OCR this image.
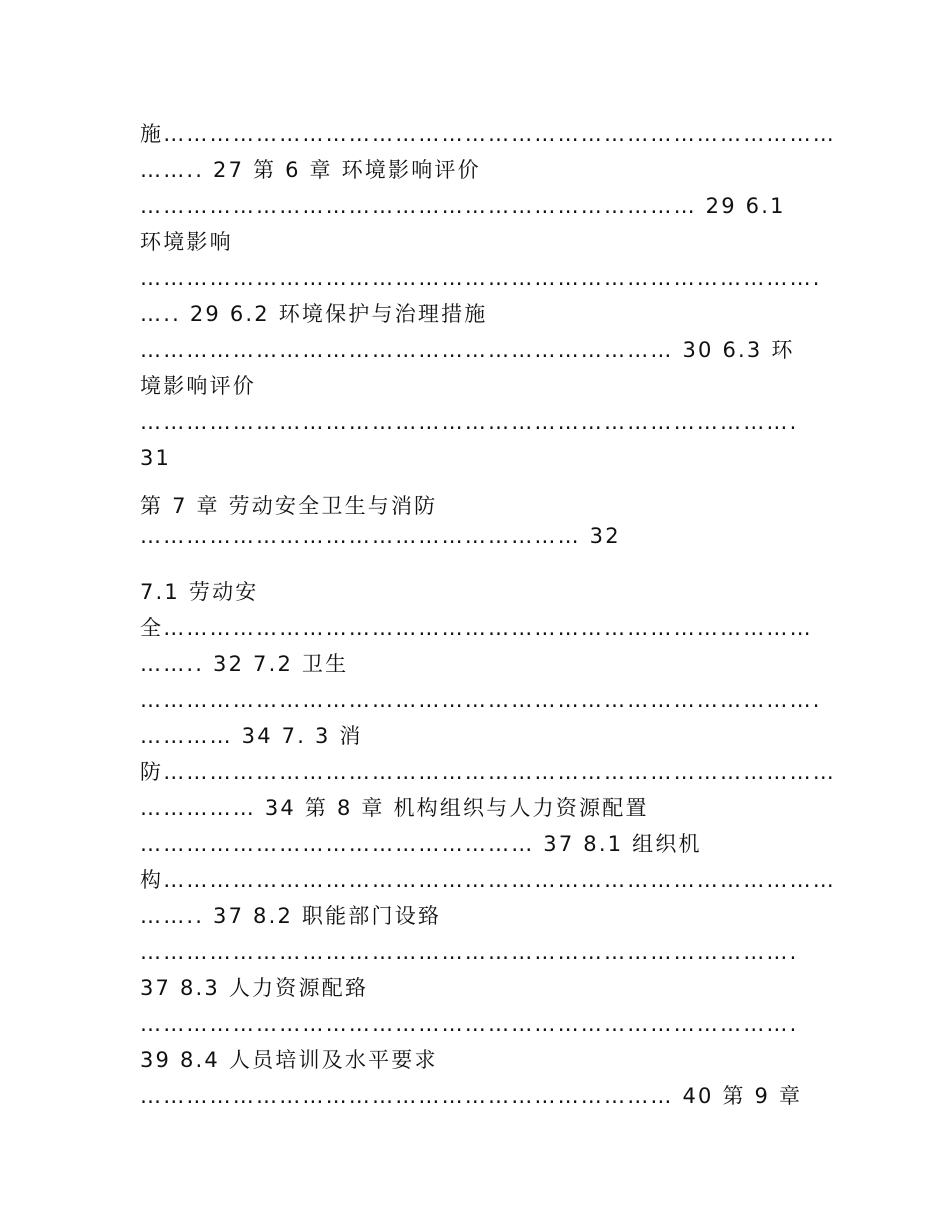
施……………………………………………………………………………
…….. 27 第 6 章 环境影响评价
……………………………………………………………… 29 6.1
环境影响
…………………………………………………………………………….
….. 29 6.2 环境保护与治理措施
…………………………………………………………… 30 6.3 环
境影响评价
………………………………………………………………………….
31
第 7 章 劳动安全卫生与消防
………………………………………………… 32
7.1 劳动安
全…………………………………………………………………………
…….. 32 7.2 卫生
…………………………………………………………………………….
………… 34 7. 3 消
防……………………………………………………………………………
…………… 34 第 8 章 机构组织与人力资源配置
…………………………………………… 37 8.1 组织机
构……………………………………………………………………………
…….. 37 8.2 职能部门设臵
………………………………………………………………………….
37 8.3 人力资源配臵
………………………………………………………………………….
39 8.4 人员培训及水平要求
…………………………………………………………… 40 第 9 章
